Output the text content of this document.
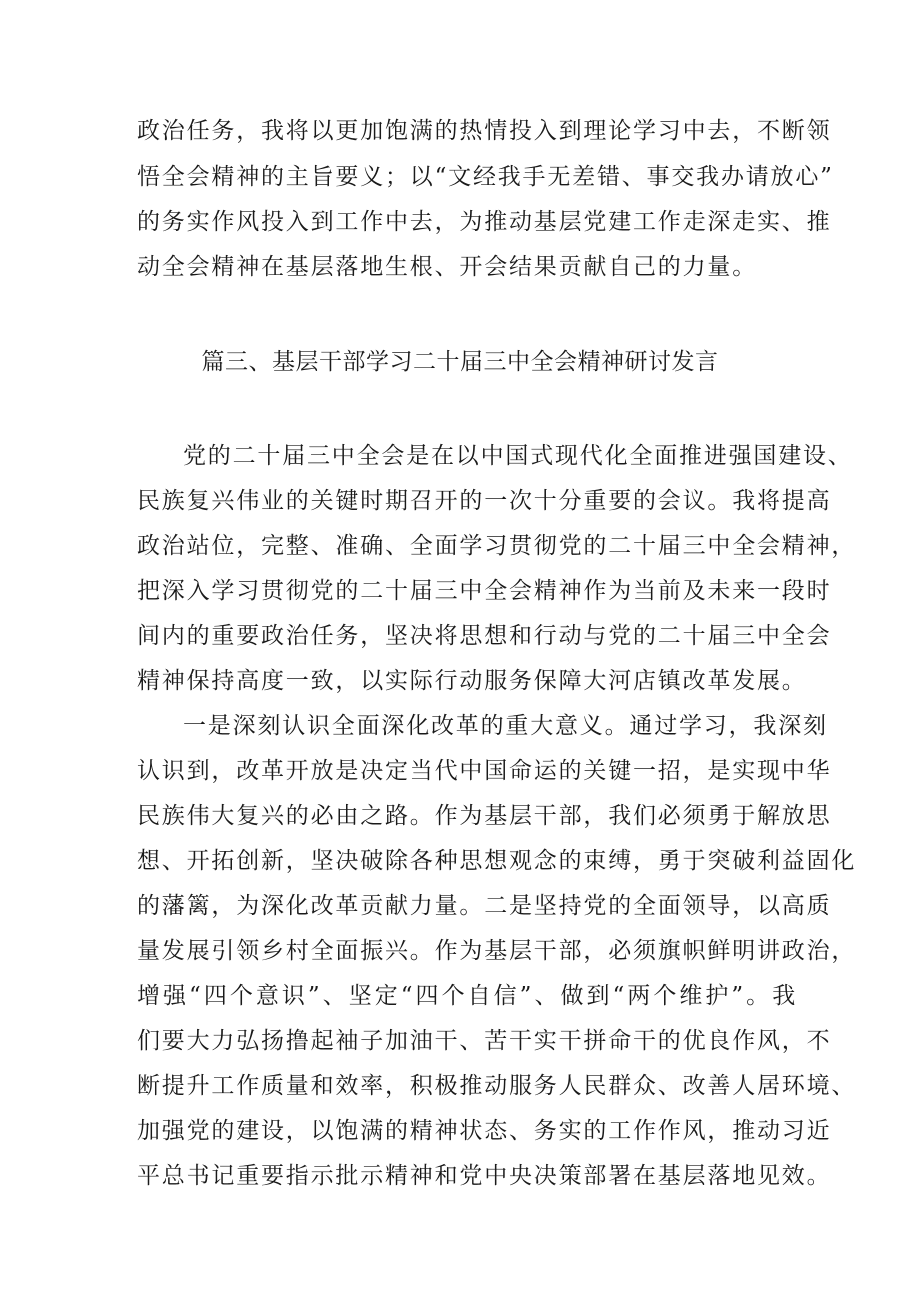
政治任务，我将以更加饱满的热情投入到理论学习中去，不断领
悟全会精神的主旨要义；以“文经我手无差错、事交我办请放心”
的务实作风投入到工作中去，为推动基层党建工作走深走实、推
动全会精神在基层落地生根、开会结果贡献自己的力量。
篇三、基层干部学习二十届三中全会精神研讨发言
党的二十届三中全会是在以中国式现代化全面推进强国建设、
民族复兴伟业的关键时期召开的一次十分重要的会议。我将提高
政治站位，完整、准确、全面学习贯彻党的二十届三中全会精神，
把深入学习贯彻党的二十届三中全会精神作为当前及未来一段时
间内的重要政治任务，坚决将思想和行动与党的二十届三中全会
精神保持高度一致，以实际行动服务保障大河店镇改革发展。
一是深刻认识全面深化改革的重大意义。通过学习，我深刻
认识到，改革开放是决定当代中国命运的关键一招，是实现中华
民族伟大复兴的必由之路。作为基层干部，我们必须勇于解放思
想、开拓创新，坚决破除各种思想观念的束缚，勇于突破利益固化
的藩篱，为深化改革贡献力量。二是坚持党的全面领导，以高质
量发展引领乡村全面振兴。作为基层干部，必须旗帜鲜明讲政治，
增强“四个意识”、坚定“四个自信”、做到“两个维护”。我
们要大力弘扬撸起袖子加油干、苦干实干拼命干的优良作风，不
断提升工作质量和效率，积极推动服务人民群众、改善人居环境、
加强党的建设，以饱满的精神状态、务实的工作作风，推动习近
平总书记重要指示批示精神和党中央决策部署在基层落地见效。
